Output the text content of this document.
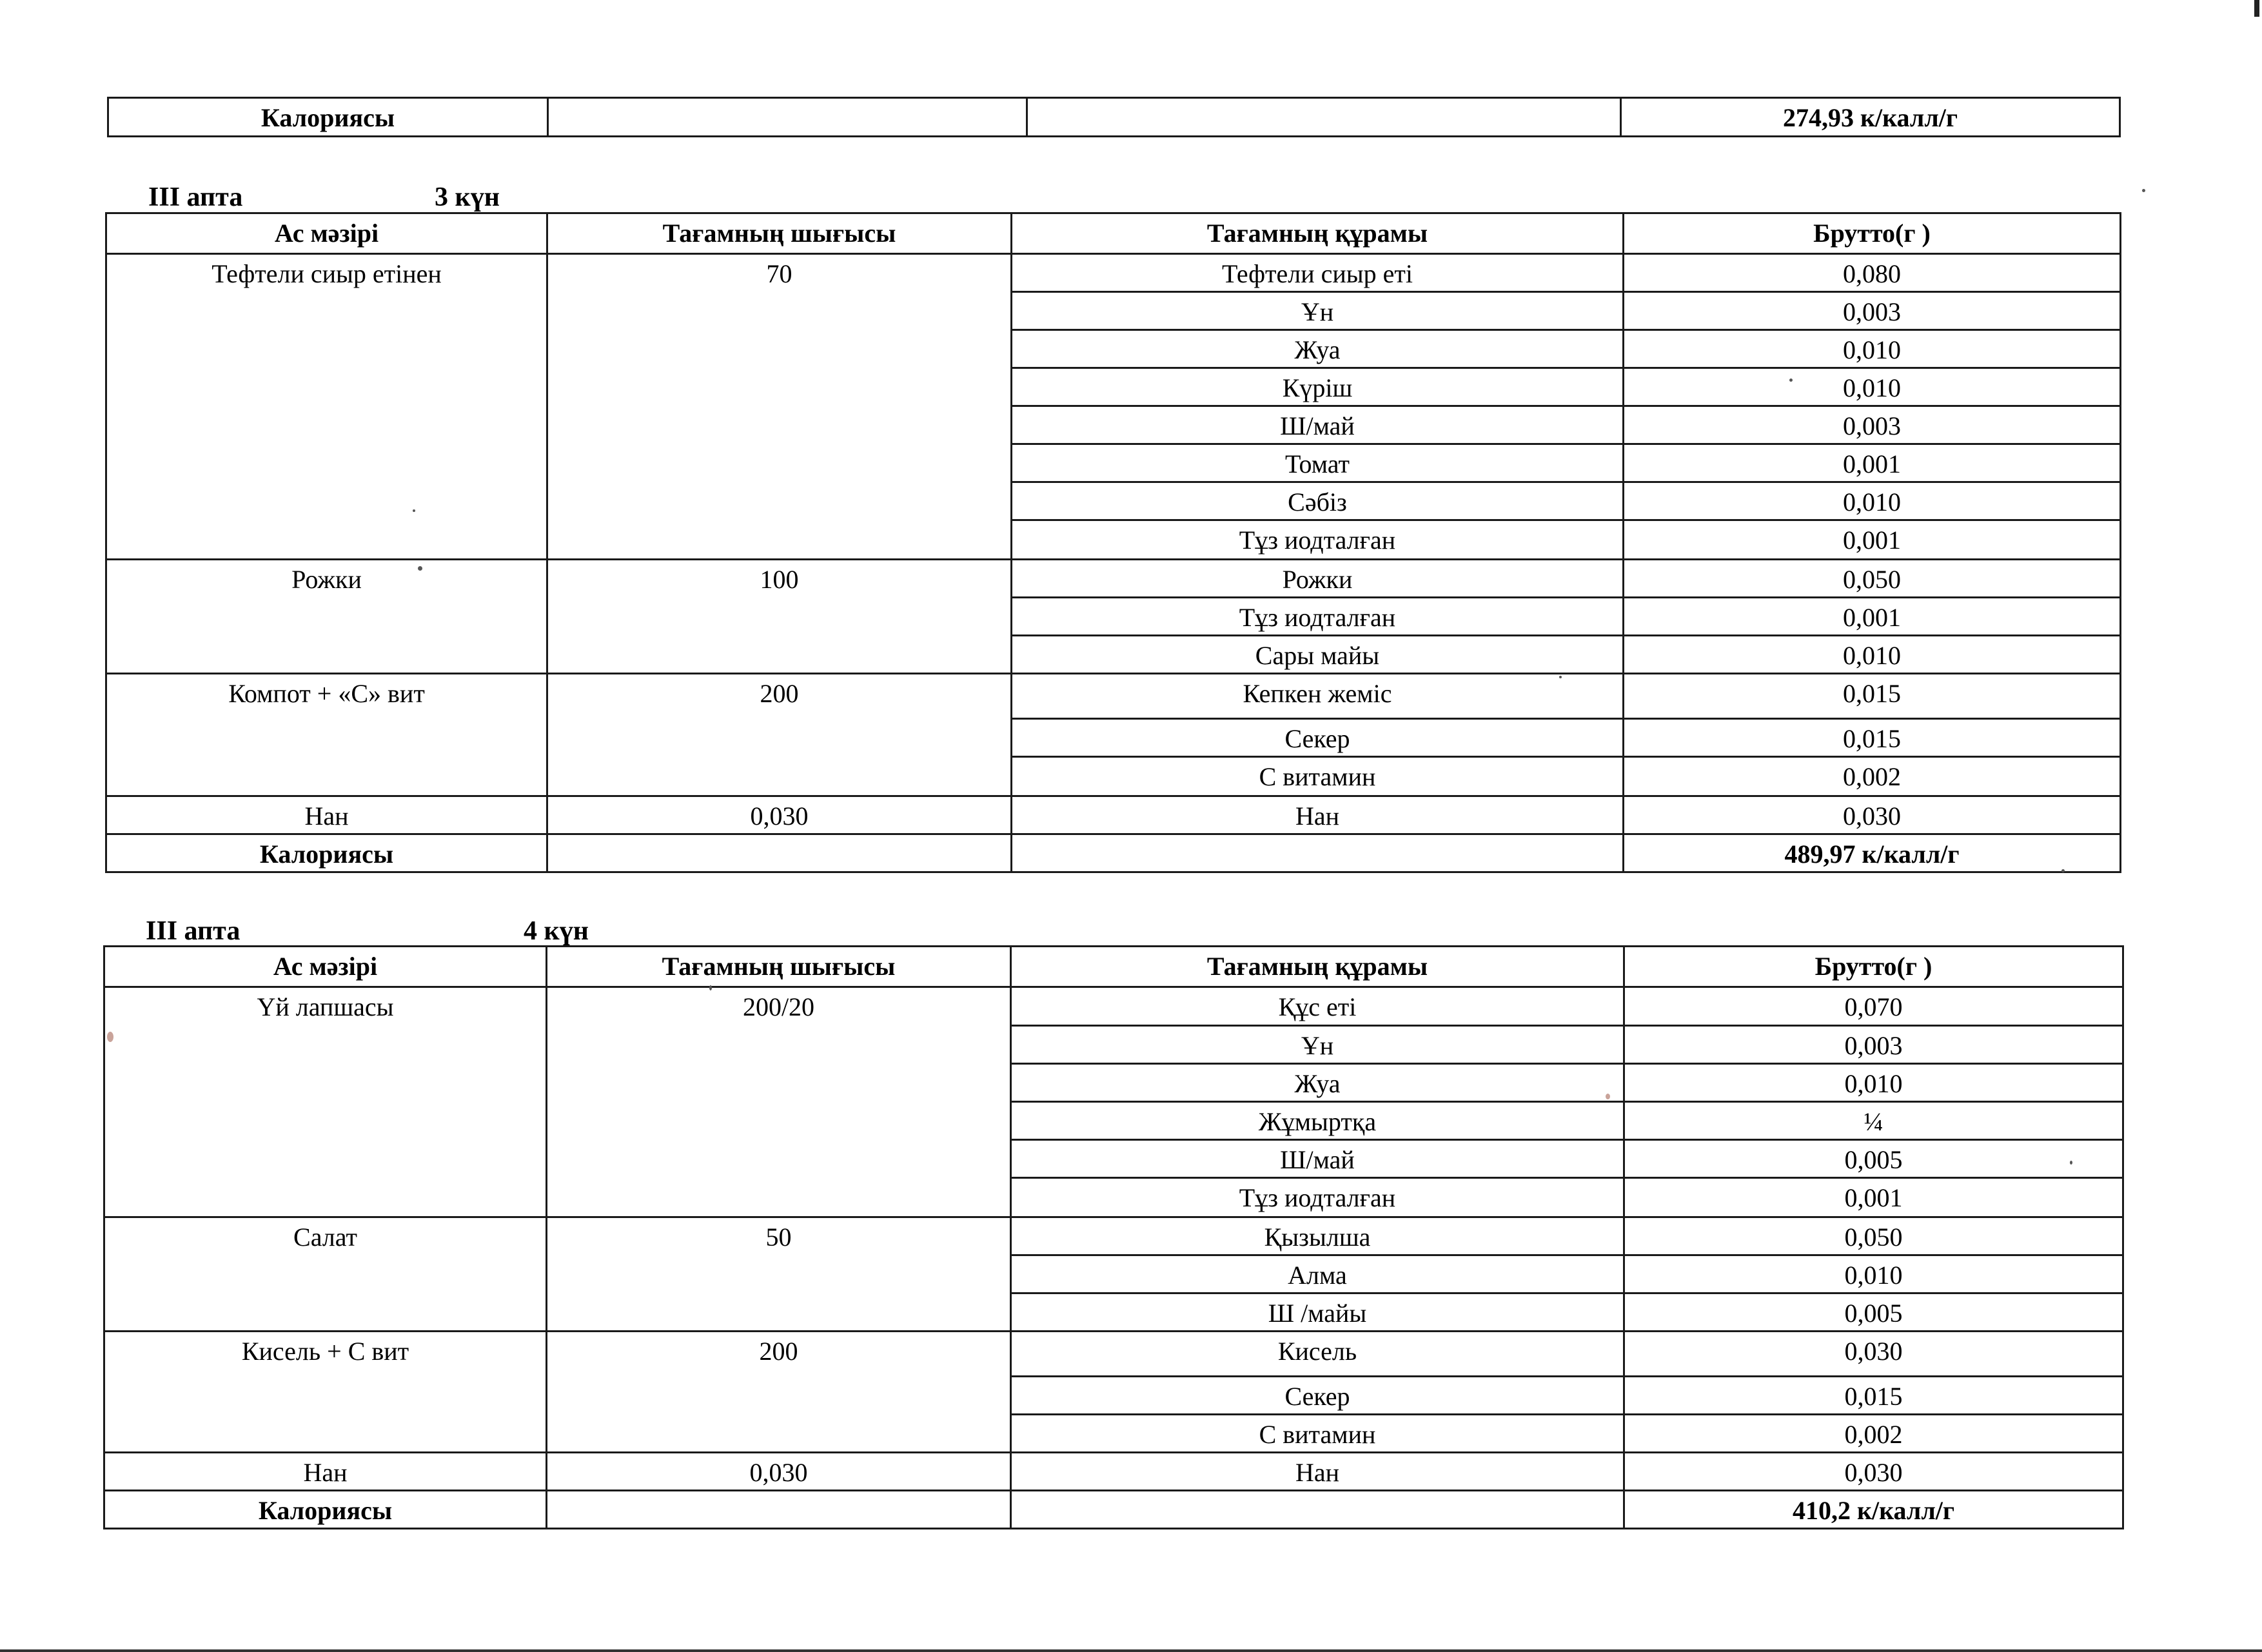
Калориясы			274,93 к/калл/г
III апта	3 күн
Ас мәзірі	Тағамның шығысы	Тағамның құрамы	Брутто(г )
Тефтели сиыр етінен	70	Тефтели сиыр еті	0,080
		Ұн	0,003
		Жуа	0,010
		Күріш	0,010
		Ш/май	0,003
		Томат	0,001
		Сәбіз	0,010
		Тұз иодталған	0,001
Рожки	100	Рожки	0,050
		Тұз иодталған	0,001
		Сары майы	0,010
Компот + «С» вит	200	Кепкен жеміс	0,015
		Секер	0,015
		С витамин	0,002
Нан	0,030	Нан	0,030
Калориясы			489,97 к/калл/г
III апта	4 күн
Ас мәзірі	Тағамның шығысы	Тағамның құрамы	Брутто(г )
Үй лапшасы	200/20	Құс еті	0,070
		Ұн	0,003
		Жуа	0,010
		Жұмыртқа	¼
		Ш/май	0,005
		Тұз иодталған	0,001
Салат	50	Қызылша	0,050
		Алма	0,010
		Ш /майы	0,005
Кисель + С вит	200	Кисель	0,030
		Секер	0,015
		С витамин	0,002
Нан	0,030	Нан	0,030
Калориясы			410,2 к/калл/г
